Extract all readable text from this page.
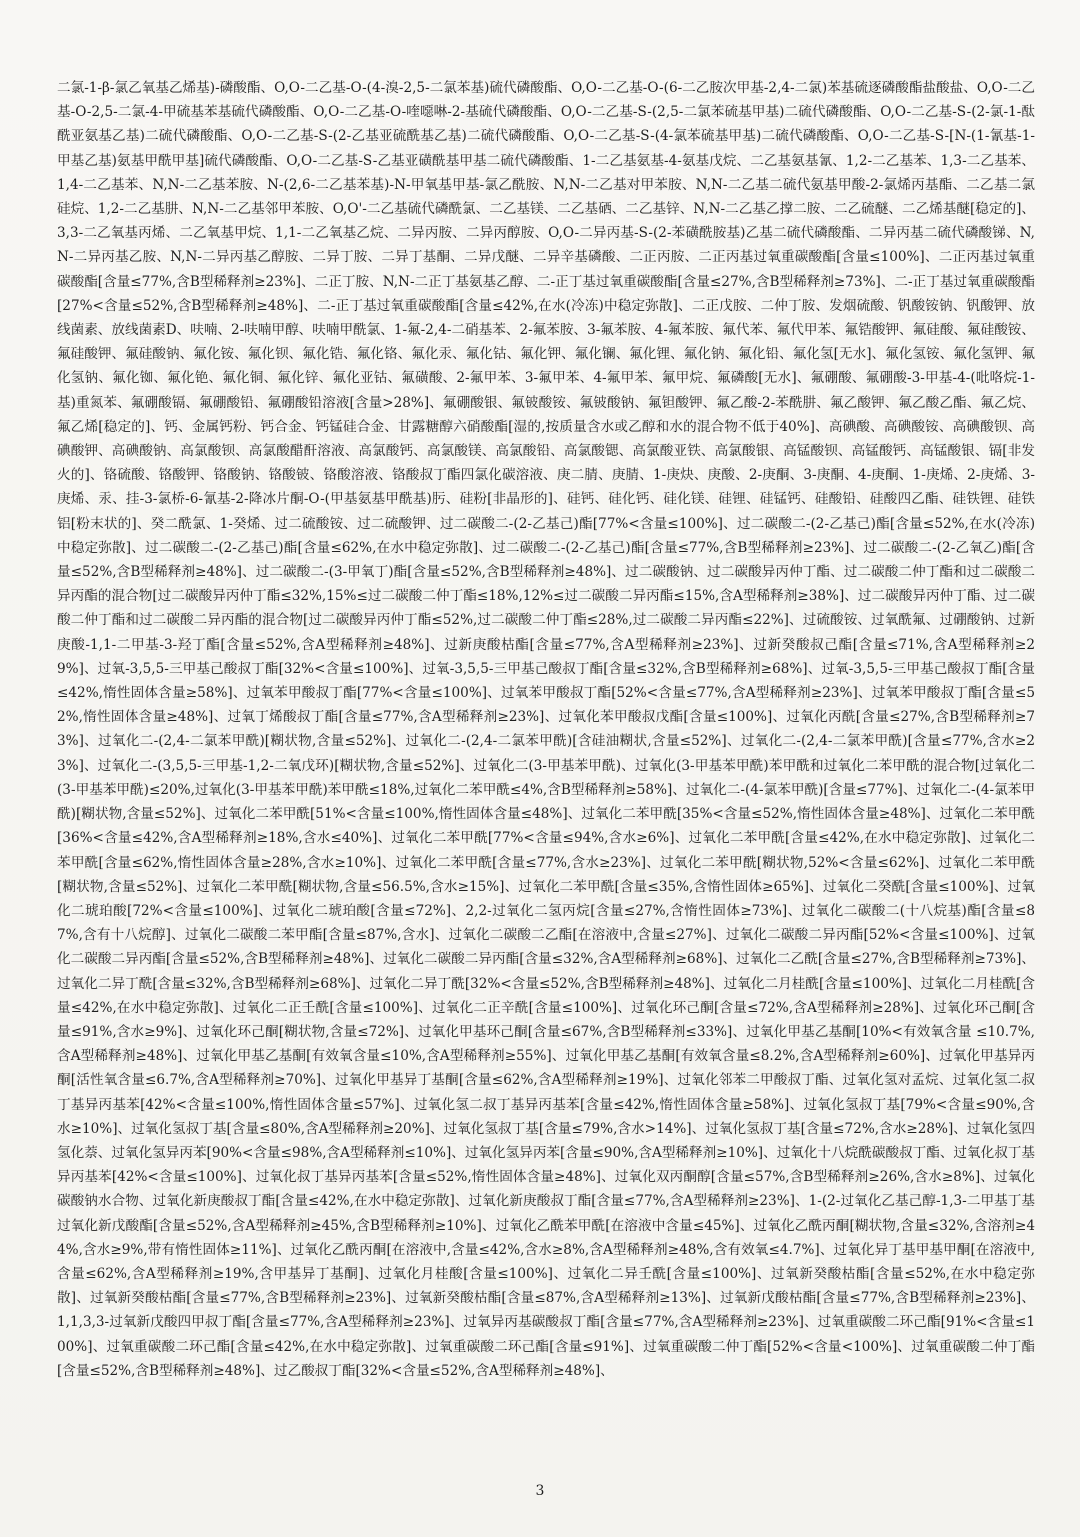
二氯-1-β-氯乙氧基乙烯基)-磷酸酯、O,O-二乙基-O-(4-溴-2,5-二氯苯基)硫代磷酸酯、O,O-二乙基-O-(6-二乙胺次甲基-2,4-二氯)苯基硫逐磷酸酯盐酸盐、O,O-二乙基-O-2,5-二氯-4-甲硫基苯基硫代磷酸酯、O,O-二乙基-O-喹噁啉-2-基硫代磷酸酯、O,O-二乙基-S-(2,5-二氯苯硫基甲基)二硫代磷酸酯、O,O-二乙基-S-(2-氯-1-酞酰亚氨基乙基)二硫代磷酸酯、O,O-二乙基-S-(2-乙基亚硫酰基乙基)二硫代磷酸酯、O,O-二乙基-S-(4-氯苯硫基甲基)二硫代磷酸酯、O,O-二乙基-S-[N-(1-氰基-1-甲基乙基)氨基甲酰甲基]硫代磷酸酯、O,O-二乙基-S-乙基亚磺酰基甲基二硫代磷酸酯、1-二乙基氨基-4-氨基戊烷、二乙基氨基氰、1,2-二乙基苯、1,3-二乙基苯、1,4-二乙基苯、N,N-二乙基苯胺、N-(2,6-二乙基苯基)-N-甲氧基甲基-氯乙酰胺、N,N-二乙基对甲苯胺、N,N-二乙基二硫代氨基甲酸-2-氯烯丙基酯、二乙基二氯硅烷、1,2-二乙基肼、N,N-二乙基邻甲苯胺、O,O'-二乙基硫代磷酰氯、二乙基镁、二乙基硒、二乙基锌、N,N-二乙基乙撑二胺、二乙硫醚、二乙烯基醚[稳定的]、3,3-二乙氧基丙烯、二乙氧基甲烷、1,1-二乙氧基乙烷、二异丙胺、二异丙醇胺、O,O-二异丙基-S-(2-苯磺酰胺基)乙基二硫代磷酸酯、二异丙基二硫代磷酸锑、N,N-二异丙基乙胺、N,N-二异丙基乙醇胺、二异丁胺、二异丁基酮、二异戊醚、二异辛基磷酸、二正丙胺、二正丙基过氧重碳酸酯[含量≤100%]、二正丙基过氧重碳酸酯[含量≤77%,含B型稀释剂≥23%]、二正丁胺、N,N-二正丁基氨基乙醇、二-正丁基过氧重碳酸酯[含量≤27%,含B型稀释剂≥73%]、二-正丁基过氧重碳酸酯[27%<含量≤52%,含B型稀释剂≥48%]、二-正丁基过氧重碳酸酯[含量≤42%,在水(冷冻)中稳定弥散]、二正戊胺、二仲丁胺、发烟硫酸、钒酸铵钠、钒酸钾、放线菌素、放线菌素D、呋喃、2-呋喃甲醇、呋喃甲酰氯、1-氟-2,4-二硝基苯、2-氟苯胺、3-氟苯胺、4-氟苯胺、氟代苯、氟代甲苯、氟锆酸钾、氟硅酸、氟硅酸铵、氟硅酸钾、氟硅酸钠、氟化铵、氟化钡、氟化锆、氟化铬、氟化汞、氟化钴、氟化钾、氟化镧、氟化锂、氟化钠、氟化铅、氟化氢[无水]、氟化氢铵、氟化氢钾、氟化氢钠、氟化铷、氟化铯、氟化铜、氟化锌、氟化亚钴、氟磺酸、2-氟甲苯、3-氟甲苯、4-氟甲苯、氟甲烷、氟磷酸[无水]、氟硼酸、氟硼酸-3-甲基-4-(吡咯烷-1-基)重氮苯、氟硼酸镉、氟硼酸铅、氟硼酸铅溶液[含量>28%]、氟硼酸银、氟铍酸铵、氟铍酸钠、氟钽酸钾、氟乙酸-2-苯酰肼、氟乙酸钾、氟乙酸乙酯、氟乙烷、氟乙烯[稳定的]、钙、金属钙粉、钙合金、钙锰硅合金、甘露糖醇六硝酸酯[湿的,按质量含水或乙醇和水的混合物不低于40%]、高碘酸、高碘酸铵、高碘酸钡、高碘酸钾、高碘酸钠、高氯酸钡、高氯酸醋酐溶液、高氯酸钙、高氯酸镁、高氯酸铅、高氯酸锶、高氯酸亚铁、高氯酸银、高锰酸钡、高锰酸钙、高锰酸银、镉[非发火的]、铬硫酸、铬酸钾、铬酸钠、铬酸铍、铬酸溶液、铬酸叔丁酯四氯化碳溶液、庚二腈、庚腈、1-庚炔、庚酸、2-庚酮、3-庚酮、4-庚酮、1-庚烯、2-庚烯、3-庚烯、汞、挂-3-氯桥-6-氰基-2-降冰片酮-O-(甲基氨基甲酰基)肟、硅粉[非晶形的]、硅钙、硅化钙、硅化镁、硅锂、硅锰钙、硅酸铅、硅酸四乙酯、硅铁锂、硅铁铝[粉末状的]、癸二酰氯、1-癸烯、过二硫酸铵、过二硫酸钾、过二碳酸二-(2-乙基己)酯[77%<含量≤100%]、过二碳酸二-(2-乙基己)酯[含量≤52%,在水(冷冻)中稳定弥散]、过二碳酸二-(2-乙基己)酯[含量≤62%,在水中稳定弥散]、过二碳酸二-(2-乙基己)酯[含量≤77%,含B型稀释剂≥23%]、过二碳酸二-(2-乙氧乙)酯[含量≤52%,含B型稀释剂≥48%]、过二碳酸二-(3-甲氧丁)酯[含量≤52%,含B型稀释剂≥48%]、过二碳酸钠、过二碳酸异丙仲丁酯、过二碳酸二仲丁酯和过二碳酸二异丙酯的混合物[过二碳酸异丙仲丁酯≤32%,15%≤过二碳酸二仲丁酯≤18%,12%≤过二碳酸二异丙酯≤15%,含A型稀释剂≥38%]、过二碳酸异丙仲丁酯、过二碳酸二仲丁酯和过二碳酸二异丙酯的混合物[过二碳酸异丙仲丁酯≤52%,过二碳酸二仲丁酯≤28%,过二碳酸二异丙酯≤22%]、过硫酸铵、过氧酰氟、过硼酸钠、过新庚酸-1,1-二甲基-3-羟丁酯[含量≤52%,含A型稀释剂≥48%]、过新庚酸枯酯[含量≤77%,含A型稀释剂≥23%]、过新癸酸叔己酯[含量≤71%,含A型稀释剂≥29%]、过氧-3,5,5-三甲基己酸叔丁酯[32%<含量≤100%]、过氧-3,5,5-三甲基己酸叔丁酯[含量≤32%,含B型稀释剂≥68%]、过氧-3,5,5-三甲基己酸叔丁酯[含量≤42%,惰性固体含量≥58%]、过氧苯甲酸叔丁酯[77%<含量≤100%]、过氧苯甲酸叔丁酯[52%<含量≤77%,含A型稀释剂≥23%]、过氧苯甲酸叔丁酯[含量≤52%,惰性固体含量≥48%]、过氧丁烯酸叔丁酯[含量≤77%,含A型稀释剂≥23%]、过氧化苯甲酸叔戊酯[含量≤100%]、过氧化丙酰[含量≤27%,含B型稀释剂≥73%]、过氧化二-(2,4-二氯苯甲酰)[糊状物,含量≤52%]、过氧化二-(2,4-二氯苯甲酰)[含硅油糊状,含量≤52%]、过氧化二-(2,4-二氯苯甲酰)[含量≤77%,含水≥23%]、过氧化二-(3,5,5-三甲基-1,2-二氧戊环)[糊状物,含量≤52%]、过氧化二(3-甲基苯甲酰)、过氧化(3-甲基苯甲酰)苯甲酰和过氧化二苯甲酰的混合物[过氧化二(3-甲基苯甲酰)≤20%,过氧化(3-甲基苯甲酰)苯甲酰≤18%,过氧化二苯甲酰≤4%,含B型稀释剂≥58%]、过氧化二-(4-氯苯甲酰)[含量≤77%]、过氧化二-(4-氯苯甲酰)[糊状物,含量≤52%]、过氧化二苯甲酰[51%<含量≤100%,惰性固体含量≤48%]、过氧化二苯甲酰[35%<含量≤52%,惰性固体含量≥48%]、过氧化二苯甲酰[36%<含量≤42%,含A型稀释剂≥18%,含水≤40%]、过氧化二苯甲酰[77%<含量≤94%,含水≥6%]、过氧化二苯甲酰[含量≤42%,在水中稳定弥散]、过氧化二苯甲酰[含量≤62%,惰性固体含量≥28%,含水≥10%]、过氧化二苯甲酰[含量≤77%,含水≥23%]、过氧化二苯甲酰[糊状物,52%<含量≤62%]、过氧化二苯甲酰[糊状物,含量≤52%]、过氧化二苯甲酰[糊状物,含量≤56.5%,含水≥15%]、过氧化二苯甲酰[含量≤35%,含惰性固体≥65%]、过氧化二癸酰[含量≤100%]、过氧化二琥珀酸[72%<含量≤100%]、过氧化二琥珀酸[含量≤72%]、2,2-过氧化二氢丙烷[含量≤27%,含惰性固体≥73%]、过氧化二碳酸二(十八烷基)酯[含量≤87%,含有十八烷醇]、过氧化二碳酸二苯甲酯[含量≤87%,含水]、过氧化二碳酸二乙酯[在溶液中,含量≤27%]、过氧化二碳酸二异丙酯[52%<含量≤100%]、过氧化二碳酸二异丙酯[含量≤52%,含B型稀释剂≥48%]、过氧化二碳酸二异丙酯[含量≤32%,含A型稀释剂≥68%]、过氧化二乙酰[含量≤27%,含B型稀释剂≥73%]、过氧化二异丁酰[含量≤32%,含B型稀释剂≥68%]、过氧化二异丁酰[32%<含量≤52%,含B型稀释剂≥48%]、过氧化二月桂酰[含量≤100%]、过氧化二月桂酰[含量≤42%,在水中稳定弥散]、过氧化二正壬酰[含量≤100%]、过氧化二正辛酰[含量≤100%]、过氧化环己酮[含量≤72%,含A型稀释剂≥28%]、过氧化环己酮[含量≤91%,含水≥9%]、过氧化环己酮[糊状物,含量≤72%]、过氧化甲基环己酮[含量≤67%,含B型稀释剂≤33%]、过氧化甲基乙基酮[10%<有效氧含量 ≤10.7%,含A型稀释剂≥48%]、过氧化甲基乙基酮[有效氧含量≤10%,含A型稀释剂≥55%]、过氧化甲基乙基酮[有效氧含量≤8.2%,含A型稀释剂≥60%]、过氧化甲基异丙酮[活性氧含量≤6.7%,含A型稀释剂≥70%]、过氧化甲基异丁基酮[含量≤62%,含A型稀释剂≥19%]、过氧化邻苯二甲酸叔丁酯、过氧化氢对孟烷、过氧化氢二叔丁基异丙基苯[42%<含量≤100%,惰性固体含量≤57%]、过氧化氢二叔丁基异丙基苯[含量≤42%,惰性固体含量≥58%]、过氧化氢叔丁基[79%<含量≤90%,含水≥10%]、过氧化氢叔丁基[含量≤80%,含A型稀释剂≥20%]、过氧化氢叔丁基[含量≤79%,含水>14%]、过氧化氢叔丁基[含量≤72%,含水≥28%]、过氧化氢四氢化萘、过氧化氢异丙苯[90%<含量≤98%,含A型稀释剂≤10%]、过氧化氢异丙苯[含量≤90%,含A型稀释剂≥10%]、过氧化十八烷酰碳酸叔丁酯、过氧化叔丁基异丙基苯[42%<含量≤100%]、过氧化叔丁基异丙基苯[含量≤52%,惰性固体含量≥48%]、过氧化双丙酮醇[含量≤57%,含B型稀释剂≥26%,含水≥8%]、过氧化碳酸钠水合物、过氧化新庚酸叔丁酯[含量≤42%,在水中稳定弥散]、过氧化新庚酸叔丁酯[含量≤77%,含A型稀释剂≥23%]、1-(2-过氧化乙基己醇-1,3-二甲基丁基过氧化新戊酸酯[含量≤52%,含A型稀释剂≥45%,含B型稀释剂≥10%]、过氧化乙酰苯甲酰[在溶液中含量≤45%]、过氧化乙酰丙酮[糊状物,含量≤32%,含溶剂≥44%,含水≥9%,带有惰性固体≥11%]、过氧化乙酰丙酮[在溶液中,含量≤42%,含水≥8%,含A型稀释剂≥48%,含有效氧≤4.7%]、过氧化异丁基甲基甲酮[在溶液中,含量≤62%,含A型稀释剂≥19%,含甲基异丁基酮]、过氧化月桂酸[含量≤100%]、过氧化二异壬酰[含量≤100%]、过氧新癸酸枯酯[含量≤52%,在水中稳定弥散]、过氧新癸酸枯酯[含量≤77%,含B型稀释剂≥23%]、过氧新癸酸枯酯[含量≤87%,含A型稀释剂≥13%]、过氧新戊酸枯酯[含量≤77%,含B型稀释剂≥23%]、1,1,3,3-过氧新戊酸四甲叔丁酯[含量≤77%,含A型稀释剂≥23%]、过氧异丙基碳酸叔丁酯[含量≤77%,含A型稀释剂≥23%]、过氧重碳酸二环己酯[91%<含量≤100%]、过氧重碳酸二环己酯[含量≤42%,在水中稳定弥散]、过氧重碳酸二环己酯[含量≤91%]、过氧重碳酸二仲丁酯[52%<含量<100%]、过氧重碳酸二仲丁酯[含量≤52%,含B型稀释剂≥48%]、过乙酸叔丁酯[32%<含量≤52%,含A型稀释剂≥48%]、
3
